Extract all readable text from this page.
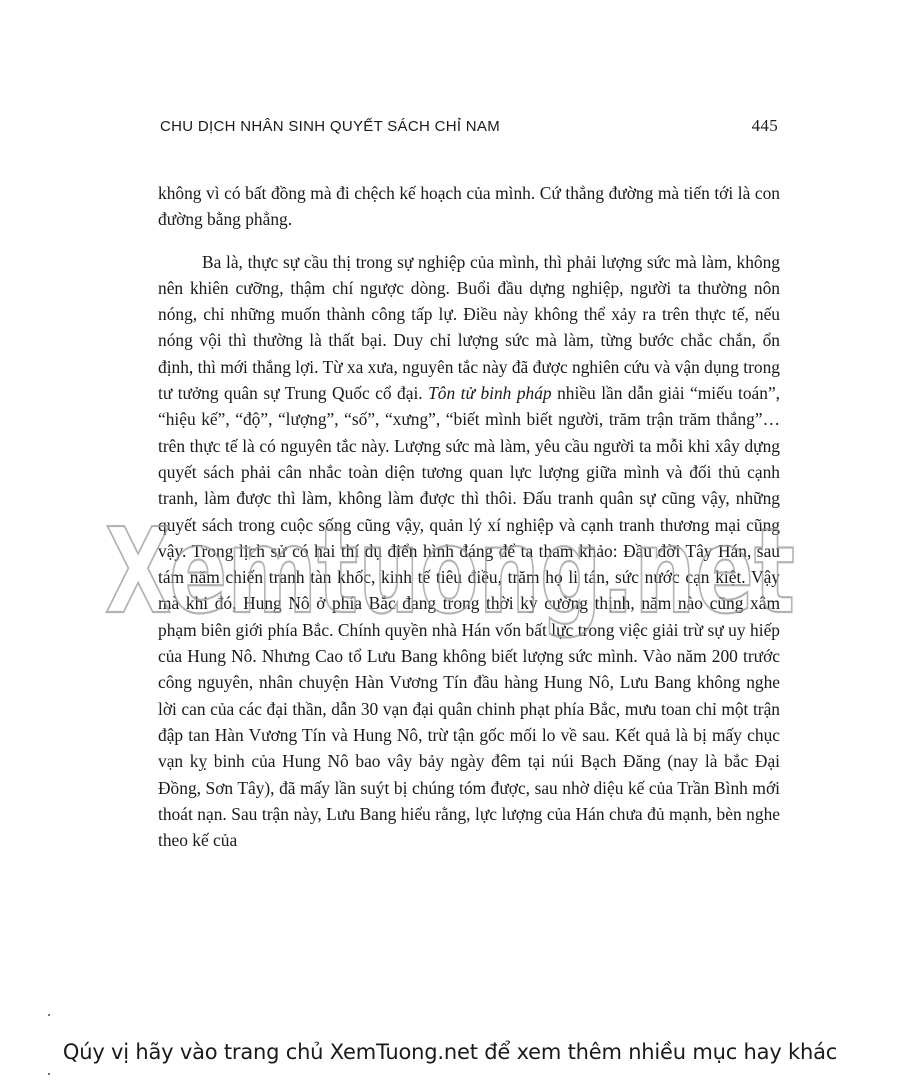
CHU DỊCH NHÂN SINH QUYẾT SÁCH CHỈ NAM	445

không vì có bất đồng mà đi chệch kế hoạch của mình. Cứ thẳng đường mà tiến tới là con đường bằng phẳng.

Ba là, thực sự cầu thị trong sự nghiệp của mình, thì phải lượng sức mà làm, không nên khiên cưỡng, thậm chí ngược dòng. Buổi đầu dựng nghiệp, người ta thường nôn nóng, chỉ những muốn thành công tấp lự. Điều này không thể xảy ra trên thực tế, nếu nóng vội thì thường là thất bại. Duy chỉ lượng sức mà làm, từng bước chắc chắn, ổn định, thì mới thắng lợi. Từ xa xưa, nguyên tắc này đã được nghiên cứu và vận dụng trong tư tưởng quân sự Trung Quốc cổ đại. Tôn tử binh pháp nhiều lần dẫn giải “miếu toán”, “hiệu kế”, “độ”, “lượng”, “số”, “xưng”, “biết mình biết người, trăm trận trăm thắng”… trên thực tế là có nguyên tắc này. Lượng sức mà làm, yêu cầu người ta mỗi khi xây dựng quyết sách phải cân nhắc toàn diện tương quan lực lượng giữa mình và đối thủ cạnh tranh, làm được thì làm, không làm được thì thôi. Đấu tranh quân sự cũng vậy, những quyết sách trong cuộc sống cũng vậy, quản lý xí nghiệp và cạnh tranh thương mại cũng vậy. Trong lịch sử có hai thí dụ điển hình đáng để ta tham khảo: Đầu đời Tây Hán, sau tám năm chiến tranh tàn khốc, kinh tế tiêu điều, trăm họ li tán, sức nước cạn kiệt. Vậy mà khi đó, Hung Nô ở phía Bắc đang trong thời kỳ cường thịnh, năm nào cũng xâm phạm biên giới phía Bắc. Chính quyền nhà Hán vốn bất lực trong việc giải trừ sự uy hiếp của Hung Nô. Nhưng Cao tổ Lưu Bang không biết lượng sức mình. Vào năm 200 trước công nguyên, nhân chuyện Hàn Vương Tín đầu hàng Hung Nô, Lưu Bang không nghe lời can của các đại thần, dẫn 30 vạn đại quân chinh phạt phía Bắc, mưu toan chỉ một trận đập tan Hàn Vương Tín và Hung Nô, trừ tận gốc mối lo về sau. Kết quả là bị mấy chục vạn kỵ binh của Hung Nô bao vây bảy ngày đêm tại núi Bạch Đăng (nay là bắc Đại Đồng, Sơn Tây), đã mấy lần suýt bị chúng tóm được, sau nhờ diệu kế của Trần Bình mới thoát nạn. Sau trận này, Lưu Bang hiểu rằng, lực lượng của Hán chưa đủ mạnh, bèn nghe theo kế của

Xemtuong.net
Qúy vị hãy vào trang chủ XemTuong.net để xem thêm nhiều mục hay khác
